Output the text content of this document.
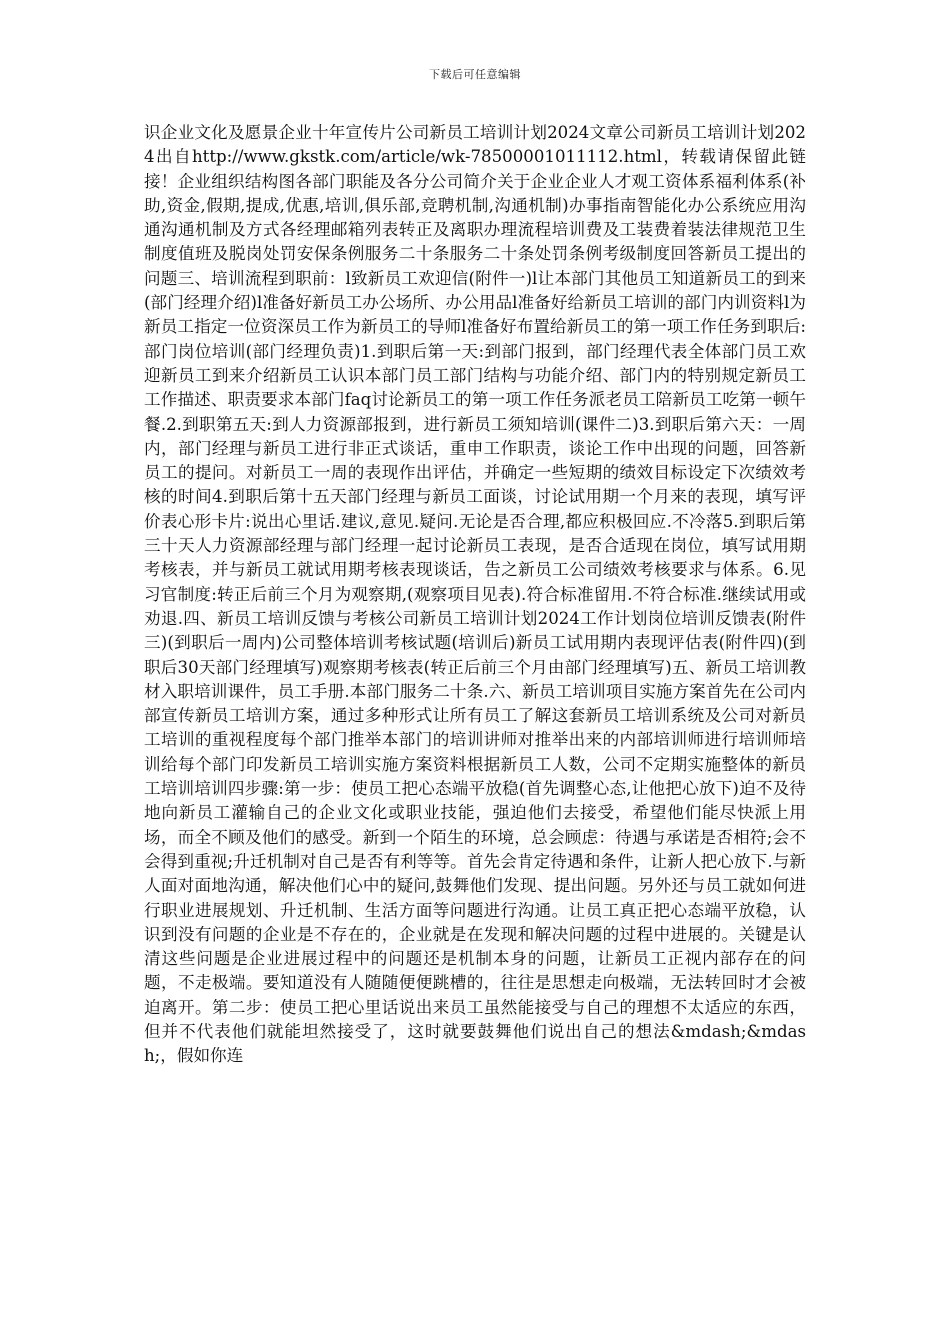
下载后可任意编辑

识企业文化及愿景企业十年宣传片公司新员工培训计划2024文章公司新员工培训计划2024出自http://www.gkstk.com/article/wk-78500001011112.html，转载请保留此链接！企业组织结构图各部门职能及各分公司简介关于企业企业人才观工资体系福利体系(补助,资金,假期,提成,优惠,培训,俱乐部,竞聘机制,沟通机制)办事指南智能化办公系统应用沟通沟通机制及方式各经理邮箱列表转正及离职办理流程培训费及工装费着装法律规范卫生制度值班及脱岗处罚安保条例服务二十条服务二十条处罚条例考级制度回答新员工提出的问题三、培训流程到职前：l致新员工欢迎信(附件一)l让本部门其他员工知道新员工的到来(部门经理介绍)l准备好新员工办公场所、办公用品l准备好给新员工培训的部门内训资料l为新员工指定一位资深员工作为新员工的导师l准备好布置给新员工的第一项工作任务到职后:部门岗位培训(部门经理负责)1.到职后第一天:到部门报到，部门经理代表全体部门员工欢迎新员工到来介绍新员工认识本部门员工部门结构与功能介绍、部门内的特别规定新员工工作描述、职责要求本部门faq讨论新员工的第一项工作任务派老员工陪新员工吃第一顿午餐.2.到职第五天:到人力资源部报到，进行新员工须知培训(课件二)3.到职后第六天：一周内，部门经理与新员工进行非正式谈话，重申工作职责，谈论工作中出现的问题，回答新员工的提问。对新员工一周的表现作出评估，并确定一些短期的绩效目标设定下次绩效考核的时间4.到职后第十五天部门经理与新员工面谈，讨论试用期一个月来的表现，填写评价表心形卡片:说出心里话.建议,意见.疑问.无论是否合理,都应积极回应.不冷落5.到职后第三十天人力资源部经理与部门经理一起讨论新员工表现，是否合适现在岗位，填写试用期考核表，并与新员工就试用期考核表现谈话，告之新员工公司绩效考核要求与体系。6.见习官制度:转正后前三个月为观察期,(观察项目见表).符合标准留用.不符合标准.继续试用或劝退.四、新员工培训反馈与考核公司新员工培训计划2024工作计划岗位培训反馈表(附件三)(到职后一周内)公司整体培训考核试题(培训后)新员工试用期内表现评估表(附件四)(到职后30天部门经理填写)观察期考核表(转正后前三个月由部门经理填写)五、新员工培训教材入职培训课件，员工手册.本部门服务二十条.六、新员工培训项目实施方案首先在公司内部宣传新员工培训方案，通过多种形式让所有员工了解这套新员工培训系统及公司对新员工培训的重视程度每个部门推举本部门的培训讲师对推举出来的内部培训师进行培训师培训给每个部门印发新员工培训实施方案资料根据新员工人数，公司不定期实施整体的新员工培训培训四步骤:第一步：使员工把心态端平放稳(首先调整心态,让他把心放下)迫不及待地向新员工灌输自己的企业文化或职业技能，强迫他们去接受，希望他们能尽快派上用场，而全不顾及他们的感受。新到一个陌生的环境，总会顾虑：待遇与承诺是否相符;会不会得到重视;升迁机制对自己是否有利等等。首先会肯定待遇和条件，让新人把心放下.与新人面对面地沟通，解决他们心中的疑问,鼓舞他们发现、提出问题。另外还与员工就如何进行职业进展规划、升迁机制、生活方面等问题进行沟通。让员工真正把心态端平放稳，认识到没有问题的企业是不存在的，企业就是在发现和解决问题的过程中进展的。关键是认清这些问题是企业进展过程中的问题还是机制本身的问题，让新员工正视内部存在的问题，不走极端。要知道没有人随随便便跳槽的，往往是思想走向极端，无法转回时才会被迫离开。第二步：使员工把心里话说出来员工虽然能接受与自己的理想不太适应的东西，但并不代表他们就能坦然接受了，这时就要鼓舞他们说出自己的想法&mdash;&mdash;，假如你连
